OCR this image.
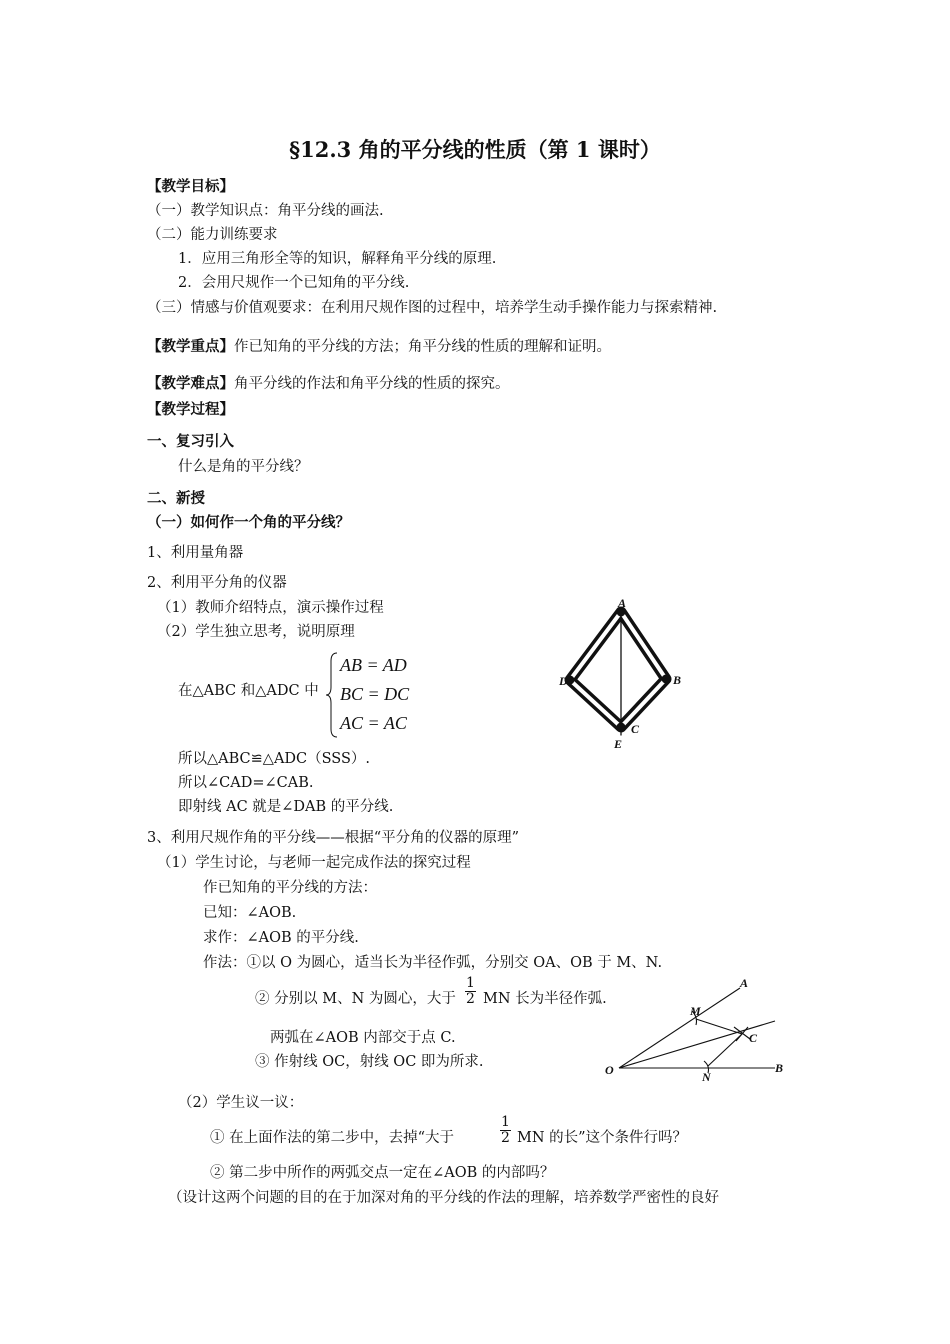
§12.3 角的平分线的性质（第 1 课时）
【教学目标】
（一）教学知识点：角平分线的画法.
（二）能力训练要求
1．应用三角形全等的知识，解释角平分线的原理.
2．会用尺规作一个已知角的平分线.
（三）情感与价值观要求：在利用尺规作图的过程中，培养学生动手操作能力与探索精神.
【教学重点】作已知角的平分线的方法；角平分线的性质的理解和证明。
【教学难点】角平分线的作法和角平分线的性质的探究。
【教学过程】
一、复习引入
什么是角的平分线？
二、新授
（一）如何作一个角的平分线？
1、利用量角器
2、利用平分角的仪器
（1）教师介绍特点，演示操作过程
（2）学生独立思考，说明原理
在△ABC 和△ADC 中
AB = AD
BC = DC
AC = AC
所以△ABC≌△ADC（SSS）.
所以∠CAD=∠CAB.
即射线 AC 就是∠DAB 的平分线.
A
D	B
C
E
3、利用尺规作角的平分线——根据“平分角的仪器的原理”
（1）学生讨论，与老师一起完成作法的探究过程
作已知角的平分线的方法：
已知：∠AOB.
求作：∠AOB 的平分线.
作法：①以 O 为圆心，适当长为半径作弧，分别交 OA、OB 于 M、N.
② 分别以 M、N 为圆心，大于 $\frac{1}{2}$ MN 长为半径作弧.
两弧在∠AOB 内部交于点 C.
③ 作射线 OC，射线 OC 即为所求.
A
M
C
O	N
B
（2）学生议一议：
① 在上面作法的第二步中，去掉“大于	$\frac{1}{2}$ MN 的长”这个条件行吗？
② 第二步中所作的两弧交点一定在∠AOB 的内部吗？
（设计这两个问题的目的在于加深对角的平分线的作法的理解，培养数学严密性的良好
